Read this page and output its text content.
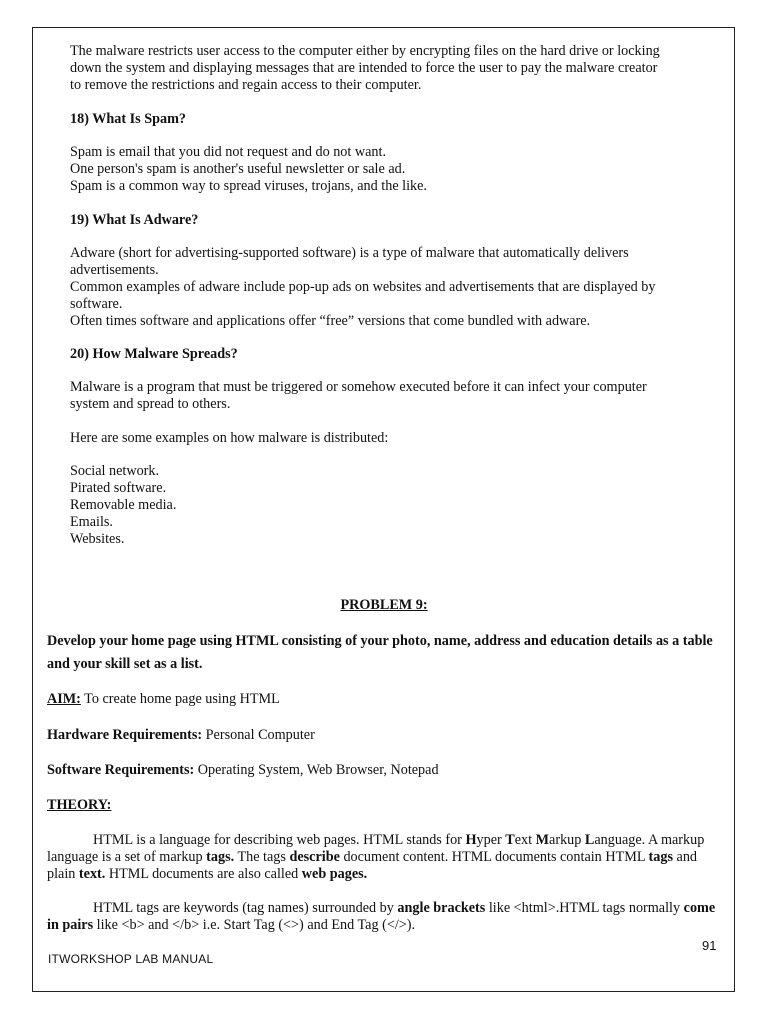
The malware restricts user access to the computer either by encrypting files on the hard drive or locking
down the system and displaying messages that are intended to force the user to pay the malware creator
to remove the restrictions and regain access to their computer.
18) What Is Spam?
Spam is email that you did not request and do not want.
One person's spam is another's useful newsletter or sale ad.
Spam is a common way to spread viruses, trojans, and the like.
19) What Is Adware?
Adware (short for advertising-supported software) is a type of malware that automatically delivers
advertisements.
Common examples of adware include pop-up ads on websites and advertisements that are displayed by
software.
Often times software and applications offer “free” versions that come bundled with adware.
20) How Malware Spreads?
Malware is a program that must be triggered or somehow executed before it can infect your computer
system and spread to others.
Here are some examples on how malware is distributed:
Social network.
Pirated software.
Removable media.
Emails.
Websites.
PROBLEM 9:
Develop your home page using HTML consisting of your photo, name, address and education details as a table
and your skill set as a list.
AIM: To create home page using HTML
Hardware Requirements: Personal Computer
Software Requirements: Operating System, Web Browser, Notepad
THEORY:
HTML is a language for describing web pages. HTML stands for Hyper Text Markup Language. A markup
language is a set of markup tags. The tags describe document content. HTML documents contain HTML tags and
plain text. HTML documents are also called web pages.
HTML tags are keywords (tag names) surrounded by angle brackets like <html>.HTML tags normally come
in pairs like <b> and </b> i.e. Start Tag (<>) and End Tag (</>).
91
ITWORKSHOP LAB MANUAL
